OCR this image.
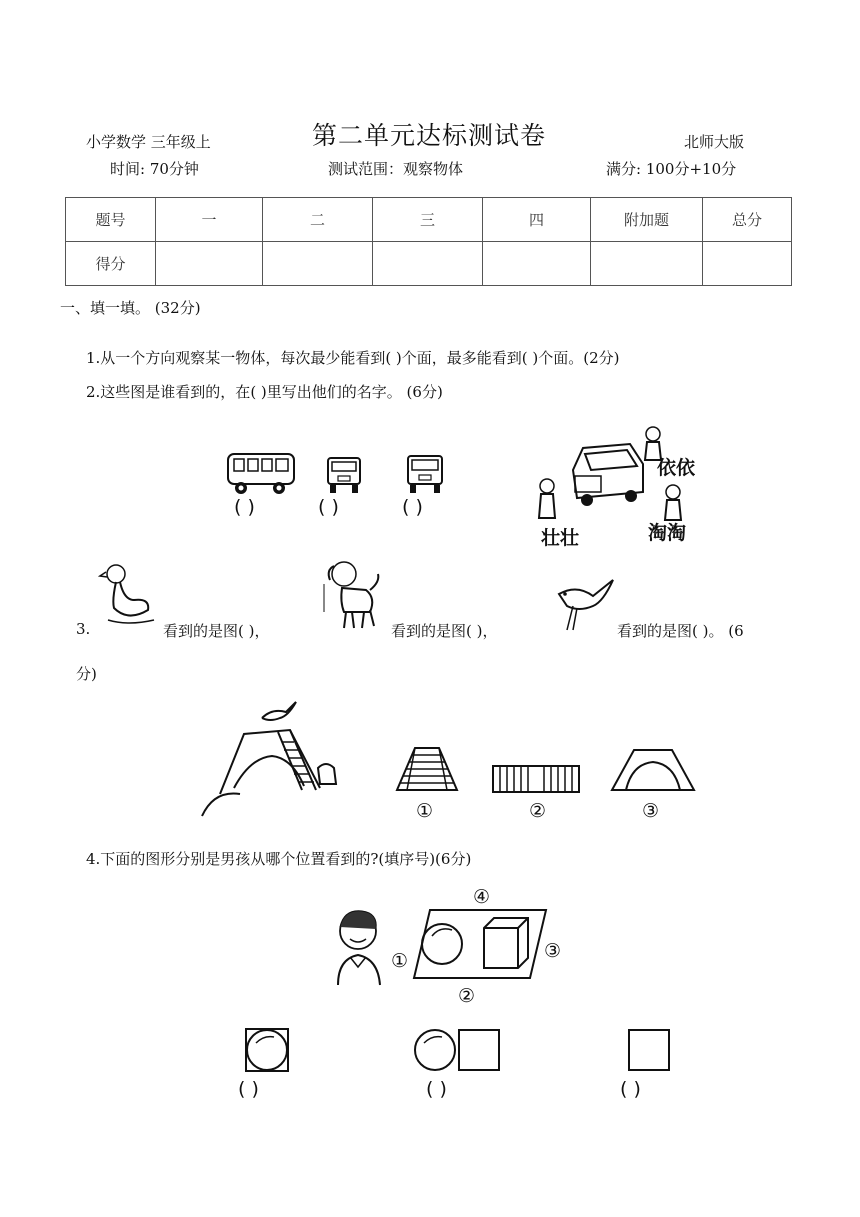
小学数学 三年级上	第二单元达标测试卷	北师大版
时间: 70分钟	测试范围：观察物体	满分: 100分+10分
题号	一	二	三	四	附加题	总分
得分						
一、填一填。 (32分)
1.从一个方向观察某一物体，每次最少能看到( )个面，最多能看到( )个面。(2分)
2.这些图是谁看到的，在( )里写出他们的名字。 (6分)
( )	( )	( )
依依
壮壮	淘淘
3.	看到的是图( )，	看到的是图( )，	看到的是图( )。 (6
分)
①	②	③
4.下面的图形分别是男孩从哪个位置看到的?(填序号)(6分)
④
①	③
②
( )	( )	( )
